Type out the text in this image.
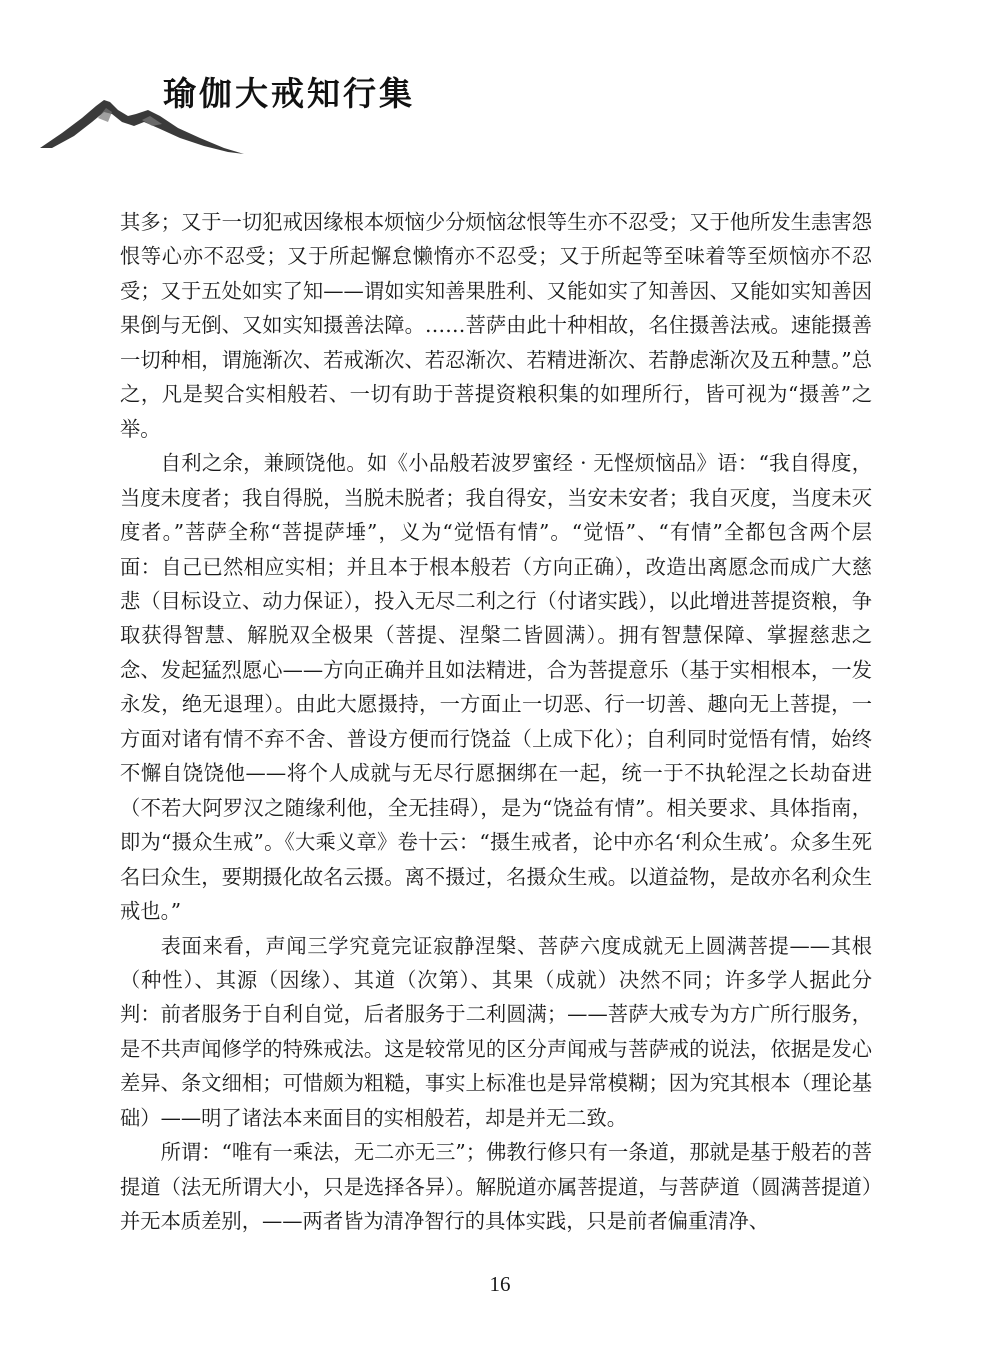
瑜伽大戒知行集

其多；又于一切犯戒因缘根本烦恼少分烦恼忿恨等生亦不忍受；又于他所发生恚害怨恨等心亦不忍受；又于所起懈怠懒惰亦不忍受；又于所起等至味着等至烦恼亦不忍受；又于五处如实了知——谓如实知善果胜利、又能如实了知善因、又能如实知善因果倒与无倒、又如实知摄善法障。……菩萨由此十种相故，名住摄善法戒。速能摄善一切种相，谓施渐次、若戒渐次、若忍渐次、若精进渐次、若静虑渐次及五种慧。”总之，凡是契合实相般若、一切有助于菩提资粮积集的如理所行，皆可视为“摄善”之举。

自利之余，兼顾饶他。如《小品般若波罗蜜经 · 无悭烦恼品》语：“我自得度，当度未度者；我自得脱，当脱未脱者；我自得安，当安未安者；我自灭度，当度未灭度者。”菩萨全称“菩提萨埵”，义为“觉悟有情”。“觉悟”、“有情”全都包含两个层面：自己已然相应实相；并且本于根本般若（方向正确），改造出离愿念而成广大慈悲（目标设立、动力保证），投入无尽二利之行（付诸实践），以此增进菩提资粮，争取获得智慧、解脱双全极果（菩提、涅槃二皆圆满）。拥有智慧保障、掌握慈悲之念、发起猛烈愿心——方向正确并且如法精进，合为菩提意乐（基于实相根本，一发永发，绝无退理）。由此大愿摄持，一方面止一切恶、行一切善、趣向无上菩提，一方面对诸有情不弃不舍、普设方便而行饶益（上成下化）；自利同时觉悟有情，始终不懈自饶饶他——将个人成就与无尽行愿捆绑在一起，统一于不执轮涅之长劫奋进（不若大阿罗汉之随缘利他，全无挂碍），是为“饶益有情”。相关要求、具体指南，即为“摄众生戒”。《大乘义章》卷十云：“摄生戒者，论中亦名‘利众生戒’。众多生死名曰众生，要期摄化故名云摄。离不摄过，名摄众生戒。以道益物，是故亦名利众生戒也。”

表面来看，声闻三学究竟完证寂静涅槃、菩萨六度成就无上圆满菩提——其根（种性）、其源（因缘）、其道（次第）、其果（成就）决然不同；许多学人据此分判：前者服务于自利自觉，后者服务于二利圆满；——菩萨大戒专为方广所行服务，是不共声闻修学的特殊戒法。这是较常见的区分声闻戒与菩萨戒的说法，依据是发心差异、条文细相；可惜颇为粗糙，事实上标准也是异常模糊；因为究其根本（理论基础）——明了诸法本来面目的实相般若，却是并无二致。

所谓：“唯有一乘法，无二亦无三”；佛教行修只有一条道，那就是基于般若的菩提道（法无所谓大小，只是选择各异）。解脱道亦属菩提道，与菩萨道（圆满菩提道）并无本质差别，——两者皆为清净智行的具体实践，只是前者偏重清净、

16
